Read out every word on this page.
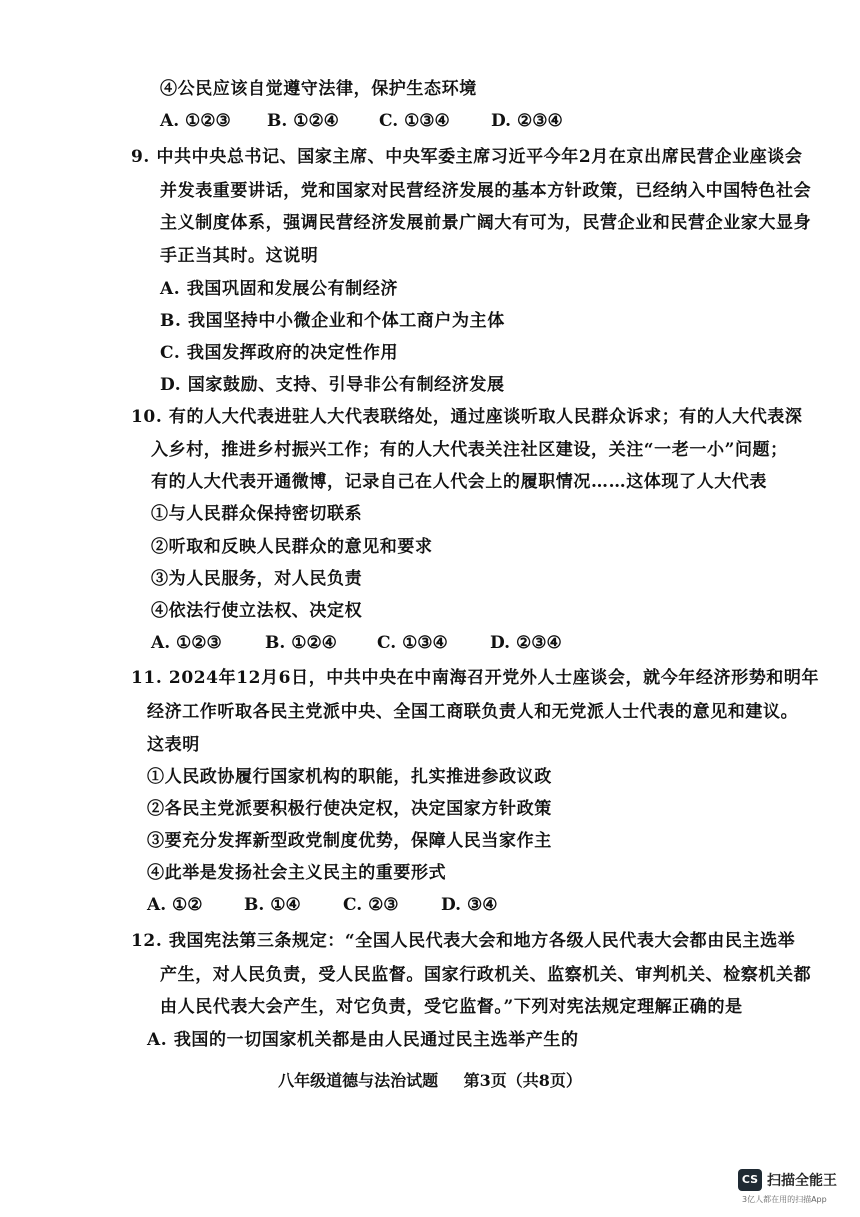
④公民应该自觉遵守法律，保护生态环境
A. ①②③ B. ①②④ C. ①③④ D. ②③④
9. 中共中央总书记、国家主席、中央军委主席习近平今年2月在京出席民营企业座谈会
并发表重要讲话，党和国家对民营经济发展的基本方针政策，已经纳入中国特色社会
主义制度体系，强调民营经济发展前景广阔大有可为，民营企业和民营企业家大显身
手正当其时。这说明
A. 我国巩固和发展公有制经济
B. 我国坚持中小微企业和个体工商户为主体
C. 我国发挥政府的决定性作用
D. 国家鼓励、支持、引导非公有制经济发展
10. 有的人大代表进驻人大代表联络处，通过座谈听取人民群众诉求；有的人大代表深
入乡村，推进乡村振兴工作；有的人大代表关注社区建设，关注“一老一小”问题；
有的人大代表开通微博，记录自己在人代会上的履职情况……这体现了人大代表
①与人民群众保持密切联系
②听取和反映人民群众的意见和要求
③为人民服务，对人民负责
④依法行使立法权、决定权
A. ①②③	B. ①②④ C. ①③④ D. ②③④
11. 2024年12月6日，中共中央在中南海召开党外人士座谈会，就今年经济形势和明年
经济工作听取各民主党派中央、全国工商联负责人和无党派人士代表的意见和建议。
这表明
①人民政协履行国家机构的职能，扎实推进参政议政
②各民主党派要积极行使决定权，决定国家方针政策
③要充分发挥新型政党制度优势，保障人民当家作主
④此举是发扬社会主义民主的重要形式
A. ①② B. ①④ C. ②③ D. ③④
12. 我国宪法第三条规定：“全国人民代表大会和地方各级人民代表大会都由民主选举
产生，对人民负责，受人民监督。国家行政机关、监察机关、审判机关、检察机关都
由人民代表大会产生，对它负责，受它监督。”下列对宪法规定理解正确的是
A. 我国的一切国家机关都是由人民通过民主选举产生的
八年级道德与法治试题 第3页（共8页）
CS 扫描全能王
3亿人都在用的扫描App
